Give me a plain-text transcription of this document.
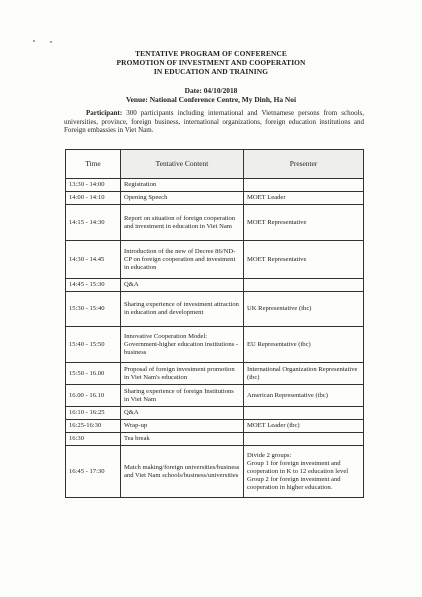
TENTATIVE PROGRAM OF CONFERENCE
PROMOTION OF INVESTMENT AND COOPERATION
IN EDUCATION AND TRAINING
Date: 04/10/2018
Venue: National Conference Centre, My Dinh, Ha Noi
Participant: 300 participants including international and Vietnamese persons from schools, universities, province, foreign business, international organizations, foreign education institutions and Foreign embassies in Viet Nam.
Time	Tentative Content	Presenter
13:30 - 14:00	Registration	
14:00 - 14:10	Opening Speech	MOET Leader
14:15 - 14:30	Report on situation of foreign cooperation and investment in education in Viet Nam	MOET Representative
14:30 - 14.45	Introduction of the new of Decree 86/ND-CP on foreign cooperation and investment in education	MOET Representative
14:45 - 15:30	Q&A	
15:30 - 15:40	Sharing experience of investment attraction in education and development	UK Representative (tbc)
15:40 - 15:50	Innovative Cooperation Model: Government-higher education institutions - business	EU Representative (tbc)
15:50 - 16.00	Proposal of foreign investment promotion in Viet Nam's education	International Organization Representative (tbc)
16.00 - 16.10	Sharing experience of foreign Institutions in Viet Nam	American Representative (tbc)
16:10 - 16:25	Q&A	
16:25-16:30	Wrap-up	MOET Leader (tbc)
16:30	Tea break	
16:45 - 17:30	Match making/foreign universities/business and Viet Nam schools/business/universities	Divide 2 groups:
Group 1 for foreign investment and cooperation in K to 12 education level
Group 2 for foreign investment and cooperation in higher education.
